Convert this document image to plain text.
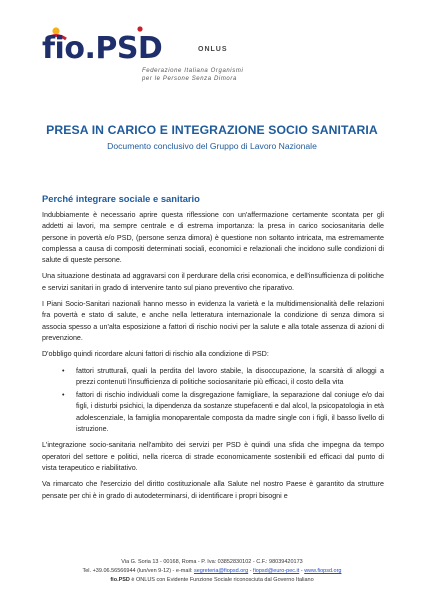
fio.PSD	ONLUS
Federazione Italiana Organismi
per le Persone Senza Dimora
PRESA IN CARICO E INTEGRAZIONE SOCIO SANITARIA
Documento conclusivo del Gruppo di Lavoro Nazionale
Perché integrare sociale e sanitario

Indubbiamente è necessario aprire questa riflessione con un'affermazione certamente scontata per gli addetti ai lavori, ma sempre centrale e di estrema importanza: la presa in carico sociosanitaria delle persone in povertà e/o PSD, (persone senza dimora) è questione non soltanto intricata, ma estremamente complessa a causa di compositi determinati sociali, economici e relazionali che incidono sulle condizioni di salute di queste persone.

Una situazione destinata ad aggravarsi con il perdurare della crisi economica, e dell'insufficienza di politiche e servizi sanitari in grado di intervenire tanto sul piano preventivo che riparativo.

I Piani Socio-Sanitari nazionali hanno messo in evidenza la varietà e la multidimensionalità delle relazioni fra povertà e stato di salute, e anche nella letteratura internazionale la condizione di senza dimora si associa spesso a un'alta esposizione a fattori di rischio nocivi per la salute e alla totale assenza di azioni di prevenzione.

D'obbligo quindi ricordare alcuni fattori di rischio alla condizione di PSD:

• fattori strutturali, quali la perdita del lavoro stabile, la disoccupazione, la scarsità di alloggi a prezzi contenuti l'insufficienza di politiche sociosanitarie più efficaci, il costo della vita
• fattori di rischio individuali come la disgregazione famigliare, la separazione dal coniuge e/o dai figli, i disturbi psichici, la dipendenza da sostanze stupefacenti e dal alcol, la psicopatologia in età adolescenziale, la famiglia monoparentale composta da madre single con i figli, il basso livello di istruzione.

L'integrazione socio-sanitaria nell'ambito dei servizi per PSD è quindi una sfida che impegna da tempo operatori del settore e politici, nella ricerca di strade economicamente sostenibili ed efficaci dal punto di vista terapeutico e riabilitativo.

Va rimarcato che l'esercizio del diritto costituzionale alla Salute nel nostro Paese è garantito da strutture pensate per chi è in grado di autodeterminarsi, di identificare i propri bisogni e

Via G. Soria 13 - 00168, Roma - P. Iva: 03852830102 - C.F.: 98039420173
Tel. +39.06.56566944 (lun/ven 9-12) - e-mail: segreteria@fiopsd.org - fiopsd@euro-pec.it - www.fiopsd.org
fio.PSD è ONLUS con Evidente Funzione Sociale riconosciuta dal Governo Italiano
